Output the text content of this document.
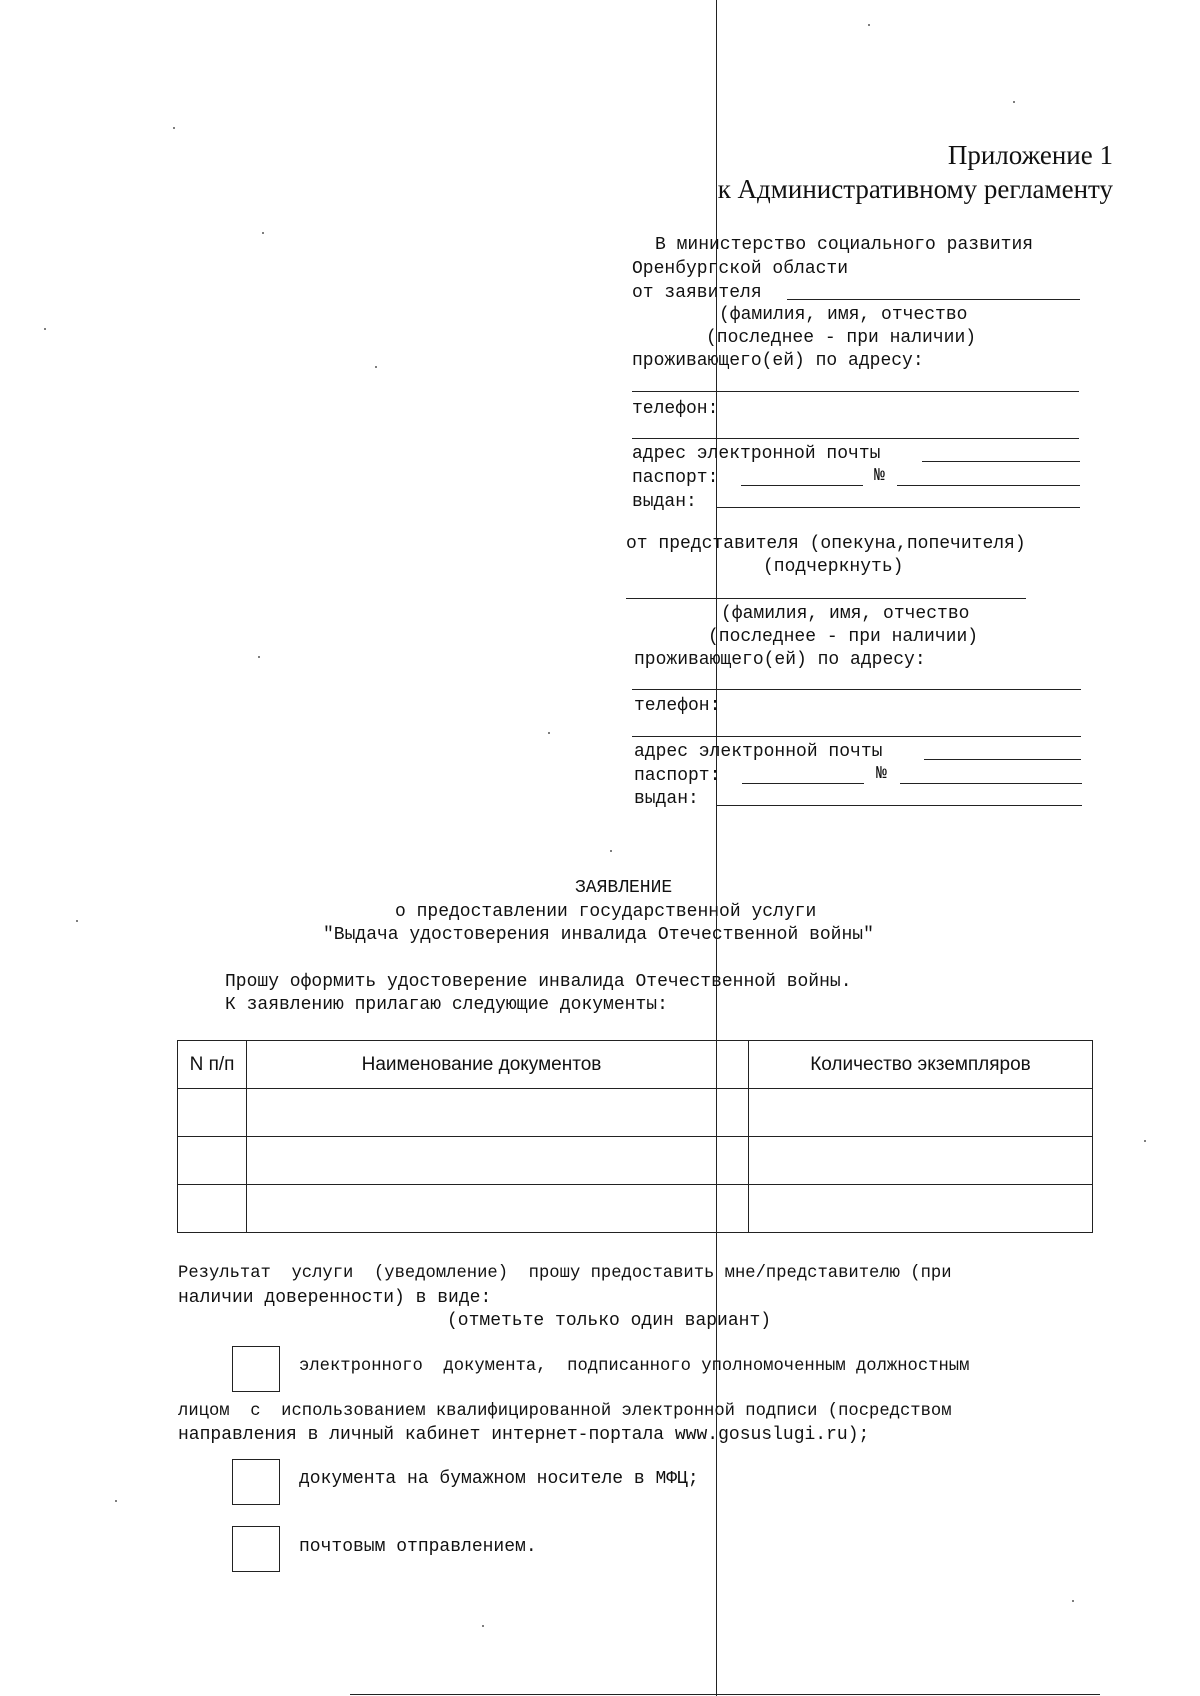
Приложение 1
к Административному регламенту
В министерство социального развития
Оренбургской области
от заявителя
(фамилия, имя, отчество
(последнее - при наличии)
проживающего(ей) по адресу:
телефон:
адрес электронной почты
паспорт:	№
выдан:
от представителя (опекуна,попечителя)
(подчеркнуть)
(фамилия, имя, отчество
(последнее - при наличии)
проживающего(ей) по адресу:
телефон:
адрес электронной почты
паспорт:	№
выдан:
ЗАЯВЛЕНИЕ
о предоставлении государственной услуги
"Выдача удостоверения инвалида Отечественной войны"
Прошу оформить удостоверение инвалида Отечественной войны.
К заявлению прилагаю следующие документы:
N п/п	Наименование документов		Количество экземпляров

Результат  услуги  (уведомление)  прошу предоставить мне/представителю (при
наличии доверенности) в виде:
(отметьте только один вариант)
электронного  документа,  подписанного уполномоченным должностным
лицом  с  использованием квалифицированной электронной подписи (посредством
направления в личный кабинет интернет-портала www.gosuslugi.ru);
документа на бумажном носителе в МФЦ;
почтовым отправлением.
